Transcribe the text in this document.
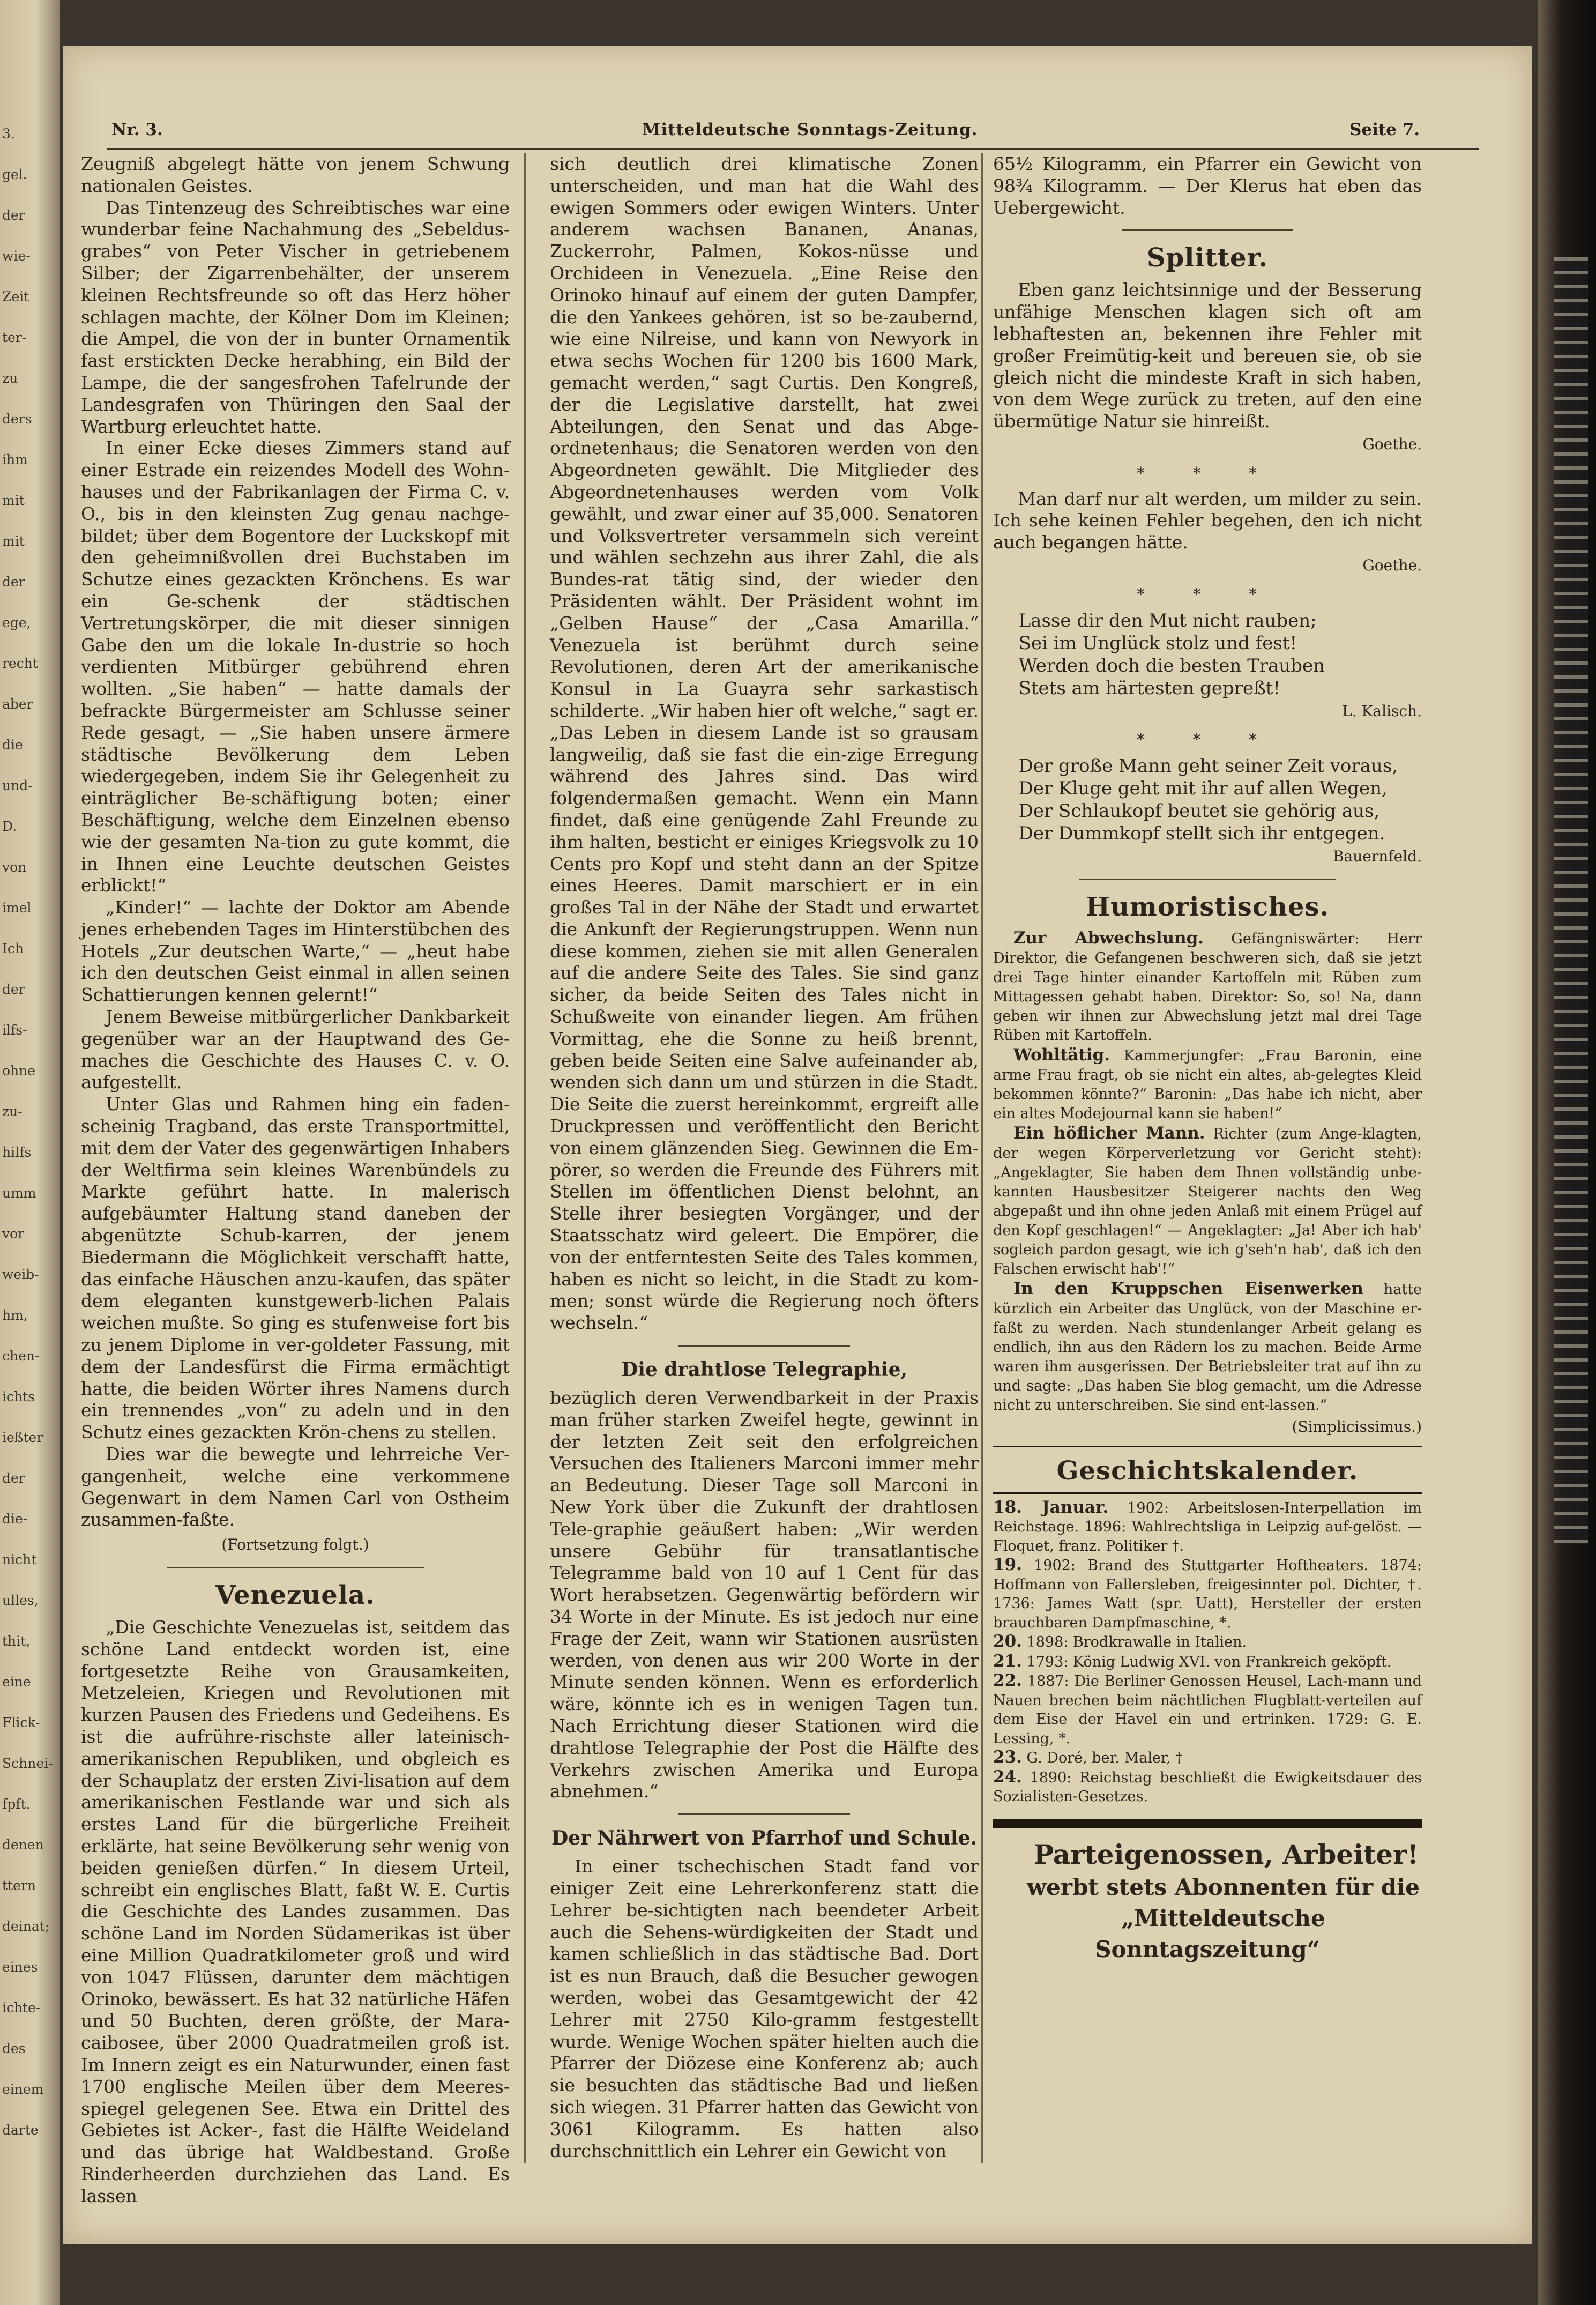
3.
gel.
der
wie-
Zeit
ter-
zu
ders
ihm
mit
mit
der
ege,
recht
aber
die
und-
D.
von
imel
Ich
der
ilfs-
ohne
zu-
hilfs
umm
vor
weib-
hm,
chen-
ichts
ießter
der
die-
nicht
ulles,
thit,
eine
Flick-
Schnei-
fpft.
denen
ttern
deinat;
eines
ichte-
des
einem
darte
Nr. 3.	Mitteldeutsche Sonntags-Zeitung.	Seite 7.

Zeugniß abgelegt hätte von jenem Schwung nationalen Geistes.

Das Tintenzeug des Schreibtisches war eine wunderbar feine Nachahmung des „Sebeldus-grabes“ von Peter Vischer in getriebenem Silber; der Zigarrenbehälter, der unserem kleinen Rechtsfreunde so oft das Herz höher schlagen machte, der Kölner Dom im Kleinen; die Ampel, die von der in bunter Ornamentik fast erstickten Decke herabhing, ein Bild der Lampe, die der sangesfrohen Tafelrunde der Landesgrafen von Thüringen den Saal der Wartburg erleuchtet hatte.

In einer Ecke dieses Zimmers stand auf einer Estrade ein reizendes Modell des Wohn-hauses und der Fabrikanlagen der Firma C. v. O., bis in den kleinsten Zug genau nachge-bildet; über dem Bogentore der Luckskopf mit den geheimnißvollen drei Buchstaben im Schutze eines gezackten Krönchens. Es war ein Ge-schenk der städtischen Vertretungskörper, die mit dieser sinnigen Gabe den um die lokale In-dustrie so hoch verdienten Mitbürger gebührend ehren wollten. „Sie haben“ — hatte damals der befrackte Bürgermeister am Schlusse seiner Rede gesagt, — „Sie haben unsere ärmere städtische Bevölkerung dem Leben wiedergegeben, indem Sie ihr Gelegenheit zu einträglicher Be-schäftigung boten; einer Beschäftigung, welche dem Einzelnen ebenso wie der gesamten Na-tion zu gute kommt, die in Ihnen eine Leuchte deutschen Geistes erblickt!“

„Kinder!“ — lachte der Doktor am Abende jenes erhebenden Tages im Hinterstübchen des Hotels „Zur deutschen Warte,“ — „heut habe ich den deutschen Geist einmal in allen seinen Schattierungen kennen gelernt!“

Jenem Beweise mitbürgerlicher Dankbarkeit gegenüber war an der Hauptwand des Ge-maches die Geschichte des Hauses C. v. O. aufgestellt.

Unter Glas und Rahmen hing ein faden-scheinig Tragband, das erste Transportmittel, mit dem der Vater des gegenwärtigen Inhabers der Weltfirma sein kleines Warenbündels zu Markte geführt hatte. In malerisch aufgebäumter Haltung stand daneben der abgenützte Schub-karren, der jenem Biedermann die Möglichkeit verschafft hatte, das einfache Häuschen anzu-kaufen, das später dem eleganten kunstgewerb-lichen Palais weichen mußte. So ging es stufenweise fort bis zu jenem Diplome in ver-goldeter Fassung, mit dem der Landesfürst die Firma ermächtigt hatte, die beiden Wörter ihres Namens durch ein trennendes „von“ zu adeln und in den Schutz eines gezackten Krön-chens zu stellen.

Dies war die bewegte und lehrreiche Ver-gangenheit, welche eine verkommene Gegenwart in dem Namen Carl von Ostheim zusammen-faßte.

(Fortsetzung folgt.)
Venezuela.

„Die Geschichte Venezuelas ist, seitdem das schöne Land entdeckt worden ist, eine fortgesetzte Reihe von Grausamkeiten, Metzeleien, Kriegen und Revolutionen mit kurzen Pausen des Friedens und Gedeihens. Es ist die aufrühre-rischste aller lateinisch-amerikanischen Republiken, und obgleich es der Schauplatz der ersten Zivi-lisation auf dem amerikanischen Festlande war und sich als erstes Land für die bürgerliche Freiheit erklärte, hat seine Bevölkerung sehr wenig von beiden genießen dürfen.“ In diesem Urteil, schreibt ein englisches Blatt, faßt W. E. Curtis die Geschichte des Landes zusammen. Das schöne Land im Norden Südamerikas ist über eine Million Quadratkilometer groß und wird von 1047 Flüssen, darunter dem mächtigen Orinoko, bewässert. Es hat 32 natürliche Häfen und 50 Buchten, deren größte, der Mara-caibosee, über 2000 Quadratmeilen groß ist. Im Innern zeigt es ein Naturwunder, einen fast 1700 englische Meilen über dem Meeres-spiegel gelegenen See. Etwa ein Drittel des Gebietes ist Acker-, fast die Hälfte Weideland und das übrige hat Waldbestand. Große Rinderheerden durchziehen das Land. Es lassen

sich deutlich drei klimatische Zonen unterscheiden, und man hat die Wahl des ewigen Sommers oder ewigen Winters. Unter anderem wachsen Bananen, Ananas, Zuckerrohr, Palmen, Kokos-nüsse und Orchideen in Venezuela. „Eine Reise den Orinoko hinauf auf einem der guten Dampfer, die den Yankees gehören, ist so be-zaubernd, wie eine Nilreise, und kann von Newyork in etwa sechs Wochen für 1200 bis 1600 Mark, gemacht werden,“ sagt Curtis. Den Kongreß, der die Legislative darstellt, hat zwei Abteilungen, den Senat und das Abge-ordnetenhaus; die Senatoren werden von den Abgeordneten gewählt. Die Mitglieder des Abgeordnetenhauses werden vom Volk gewählt, und zwar einer auf 35,000. Senatoren und Volksvertreter versammeln sich vereint und wählen sechzehn aus ihrer Zahl, die als Bundes-rat tätig sind, der wieder den Präsidenten wählt. Der Präsident wohnt im „Gelben Hause“ der „Casa Amarilla.“ Venezuela ist berühmt durch seine Revolutionen, deren Art der amerikanische Konsul in La Guayra sehr sarkastisch schilderte. „Wir haben hier oft welche,“ sagt er. „Das Leben in diesem Lande ist so grausam langweilig, daß sie fast die ein-zige Erregung während des Jahres sind. Das wird folgendermaßen gemacht. Wenn ein Mann findet, daß eine genügende Zahl Freunde zu ihm halten, besticht er einiges Kriegsvolk zu 10 Cents pro Kopf und steht dann an der Spitze eines Heeres. Damit marschiert er in ein großes Tal in der Nähe der Stadt und erwartet die Ankunft der Regierungstruppen. Wenn nun diese kommen, ziehen sie mit allen Generalen auf die andere Seite des Tales. Sie sind ganz sicher, da beide Seiten des Tales nicht in Schußweite von einander liegen. Am frühen Vormittag, ehe die Sonne zu heiß brennt, geben beide Seiten eine Salve aufeinander ab, wenden sich dann um und stürzen in die Stadt. Die Seite die zuerst hereinkommt, ergreift alle Druckpressen und veröffentlicht den Bericht von einem glänzenden Sieg. Gewinnen die Em-pörer, so werden die Freunde des Führers mit Stellen im öffentlichen Dienst belohnt, an Stelle ihrer besiegten Vorgänger, und der Staatsschatz wird geleert. Die Empörer, die von der entferntesten Seite des Tales kommen, haben es nicht so leicht, in die Stadt zu kom-men; sonst würde die Regierung noch öfters wechseln.“

Die drahtlose Telegraphie,

bezüglich deren Verwendbarkeit in der Praxis man früher starken Zweifel hegte, gewinnt in der letzten Zeit seit den erfolgreichen Versuchen des Italieners Marconi immer mehr an Bedeutung. Dieser Tage soll Marconi in New York über die Zukunft der drahtlosen Tele-graphie geäußert haben: „Wir werden unsere Gebühr für transatlantische Telegramme bald von 10 auf 1 Cent für das Wort herabsetzen. Gegenwärtig befördern wir 34 Worte in der Minute. Es ist jedoch nur eine Frage der Zeit, wann wir Stationen ausrüsten werden, von denen aus wir 200 Worte in der Minute senden können. Wenn es erforderlich wäre, könnte ich es in wenigen Tagen tun. Nach Errichtung dieser Stationen wird die drahtlose Telegraphie der Post die Hälfte des Verkehrs zwischen Amerika und Europa abnehmen.“

Der Nährwert von Pfarrhof und Schule.

In einer tschechischen Stadt fand vor einiger Zeit eine Lehrerkonferenz statt die Lehrer be-sichtigten nach beendeter Arbeit auch die Sehens-würdigkeiten der Stadt und kamen schließlich in das städtische Bad. Dort ist es nun Brauch, daß die Besucher gewogen werden, wobei das Gesamtgewicht der 42 Lehrer mit 2750 Kilo-gramm festgestellt wurde. Wenige Wochen später hielten auch die Pfarrer der Diözese eine Konferenz ab; auch sie besuchten das städtische Bad und ließen sich wiegen. 31 Pfarrer hatten das Gewicht von 3061 Kilogramm. Es hatten also durchschnittlich ein Lehrer ein Gewicht von

65½ Kilogramm, ein Pfarrer ein Gewicht von 98¾ Kilogramm. — Der Klerus hat eben das Uebergewicht.

Splitter.

Eben ganz leichtsinnige und der Besserung unfähige Menschen klagen sich oft am lebhaftesten an, bekennen ihre Fehler mit großer Freimütig-keit und bereuen sie, ob sie gleich nicht die mindeste Kraft in sich haben, von dem Wege zurück zu treten, auf den eine übermütige Natur sie hinreißt.

Goethe.
* * *

Man darf nur alt werden, um milder zu sein. Ich sehe keinen Fehler begehen, den ich nicht auch begangen hätte.

Goethe.
* * *

Lasse dir den Mut nicht rauben;

Sei im Unglück stolz und fest!

Werden doch die besten Trauben

Stets am härtesten gepreßt!

L. Kalisch.
* * *

Der große Mann geht seiner Zeit voraus,

Der Kluge geht mit ihr auf allen Wegen,

Der Schlaukopf beutet sie gehörig aus,

Der Dummkopf stellt sich ihr entgegen.

Bauernfeld.
Humoristisches.

Zur Abwechslung. Gefängniswärter: Herr Direktor, die Gefangenen beschweren sich, daß sie jetzt drei Tage hinter einander Kartoffeln mit Rüben zum Mittagessen gehabt haben. Direktor: So, so! Na, dann geben wir ihnen zur Abwechslung jetzt mal drei Tage Rüben mit Kartoffeln.

Wohltätig. Kammerjungfer: „Frau Baronin, eine arme Frau fragt, ob sie nicht ein altes, ab-gelegtes Kleid bekommen könnte?“ Baronin: „Das habe ich nicht, aber ein altes Modejournal kann sie haben!“

Ein höflicher Mann. Richter (zum Ange-klagten, der wegen Körperverletzung vor Gericht steht): „Angeklagter, Sie haben dem Ihnen vollständig unbe-kannten Hausbesitzer Steigerer nachts den Weg abgepaßt und ihn ohne jeden Anlaß mit einem Prügel auf den Kopf geschlagen!“ — Angeklagter: „Ja! Aber ich hab' sogleich pardon gesagt, wie ich g'seh'n hab', daß ich den Falschen erwischt hab'!“

In den Kruppschen Eisenwerken hatte kürzlich ein Arbeiter das Unglück, von der Maschine er-faßt zu werden. Nach stundenlanger Arbeit gelang es endlich, ihn aus den Rädern los zu machen. Beide Arme waren ihm ausgerissen. Der Betriebsleiter trat auf ihn zu und sagte: „Das haben Sie blog gemacht, um die Adresse nicht zu unterschreiben. Sie sind ent-lassen.“

(Simplicissimus.)
Geschichtskalender.

18. Januar. 1902: Arbeitslosen-Interpellation im Reichstage. 1896: Wahlrechtsliga in Leipzig auf-gelöst. — Floquet, franz. Politiker †.

19. 1902: Brand des Stuttgarter Hoftheaters. 1874: Hoffmann von Fallersleben, freigesinnter pol. Dichter, †. 1736: James Watt (spr. Uatt), Hersteller der ersten brauchbaren Dampfmaschine, *.

20. 1898: Brodkrawalle in Italien.

21. 1793: König Ludwig XVI. von Frankreich geköpft.

22. 1887: Die Berliner Genossen Heusel, Lach-mann und Nauen brechen beim nächtlichen Flugblatt-verteilen auf dem Eise der Havel ein und ertrinken. 1729: G. E. Lessing, *.

23. G. Doré, ber. Maler, †

24. 1890: Reichstag beschließt die Ewigkeitsdauer des Sozialisten-Gesetzes.

Parteigenossen, Arbeiter!

werbt stets Abonnenten für die

„Mitteldeutsche Sonntagszeitung“
